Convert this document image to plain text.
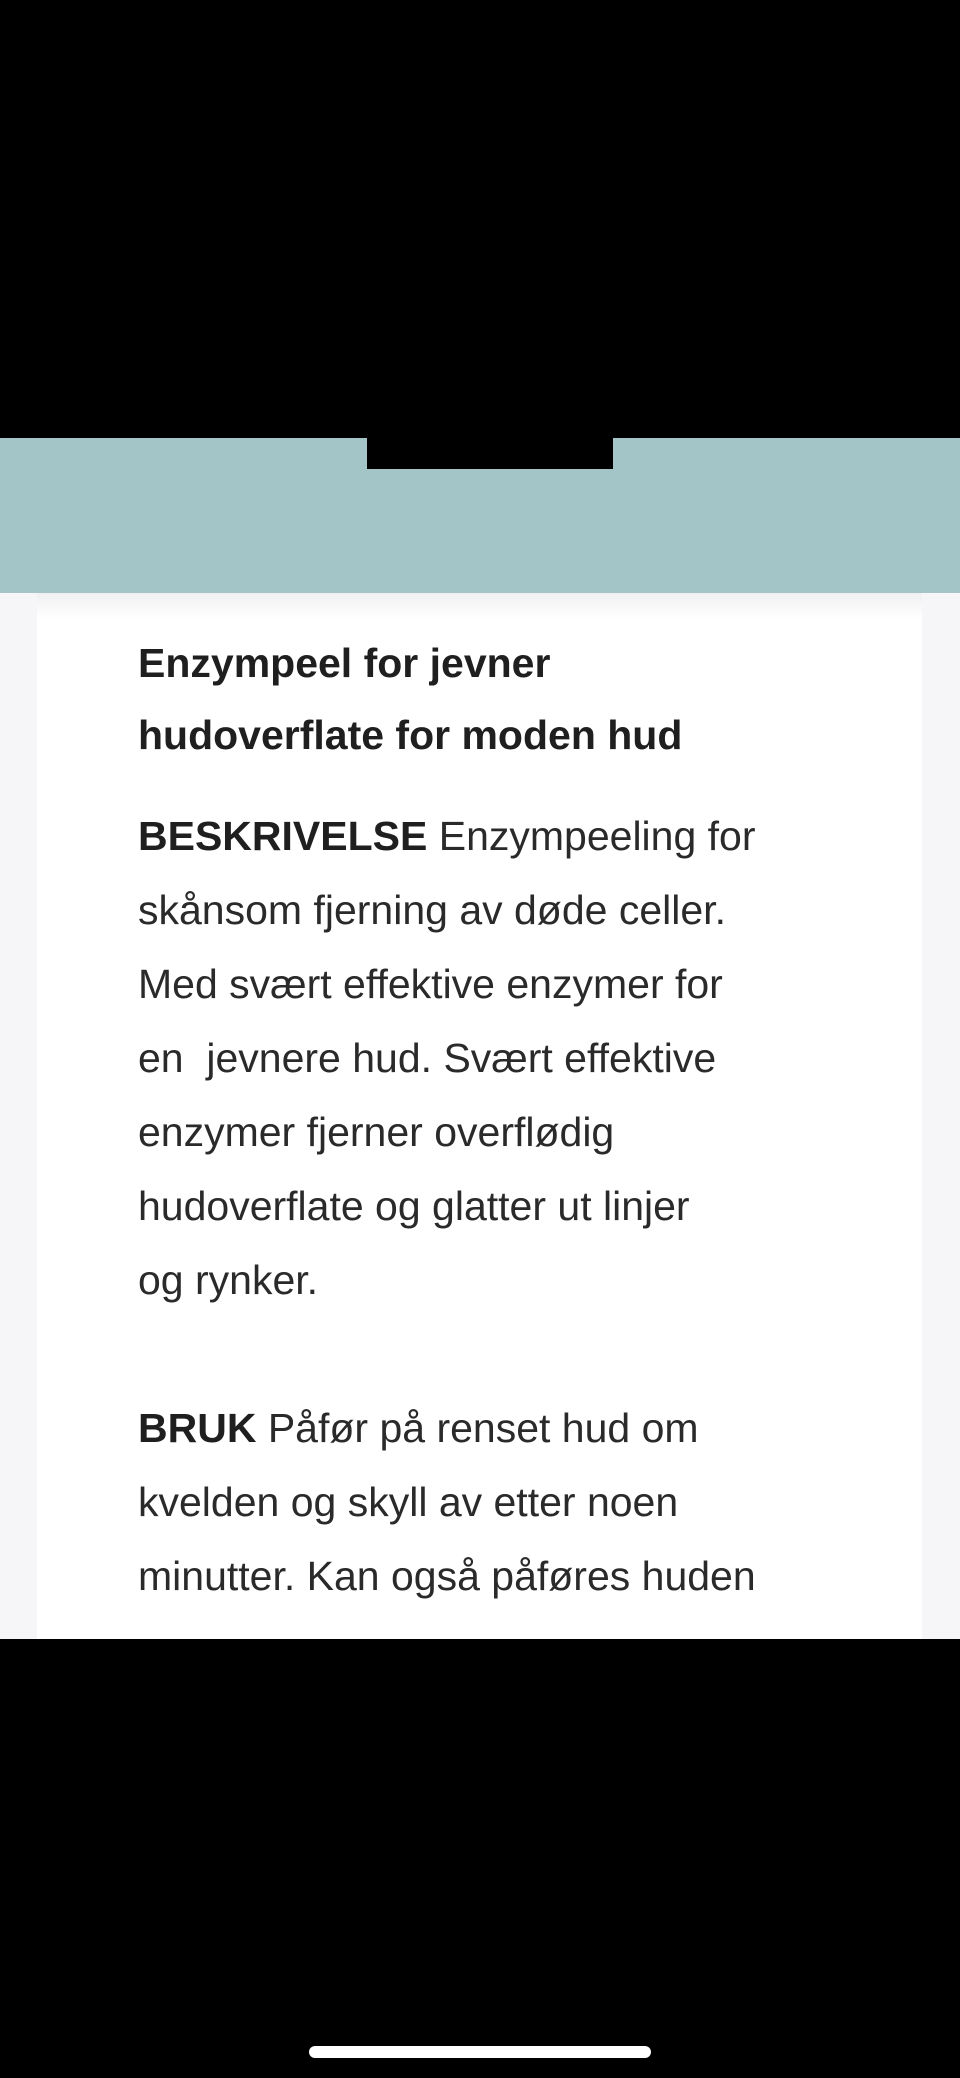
Enzympeel for jevner
hudoverflate for moden hud
BESKRIVELSE Enzympeeling for
skånsom fjerning av døde celler.
Med svært effektive enzymer for
en  jevnere hud. Svært effektive
enzymer fjerner overflødig
hudoverflate og glatter ut linjer
og rynker.
BRUK Påfør på renset hud om
kvelden og skyll av etter noen
minutter. Kan også påføres huden
